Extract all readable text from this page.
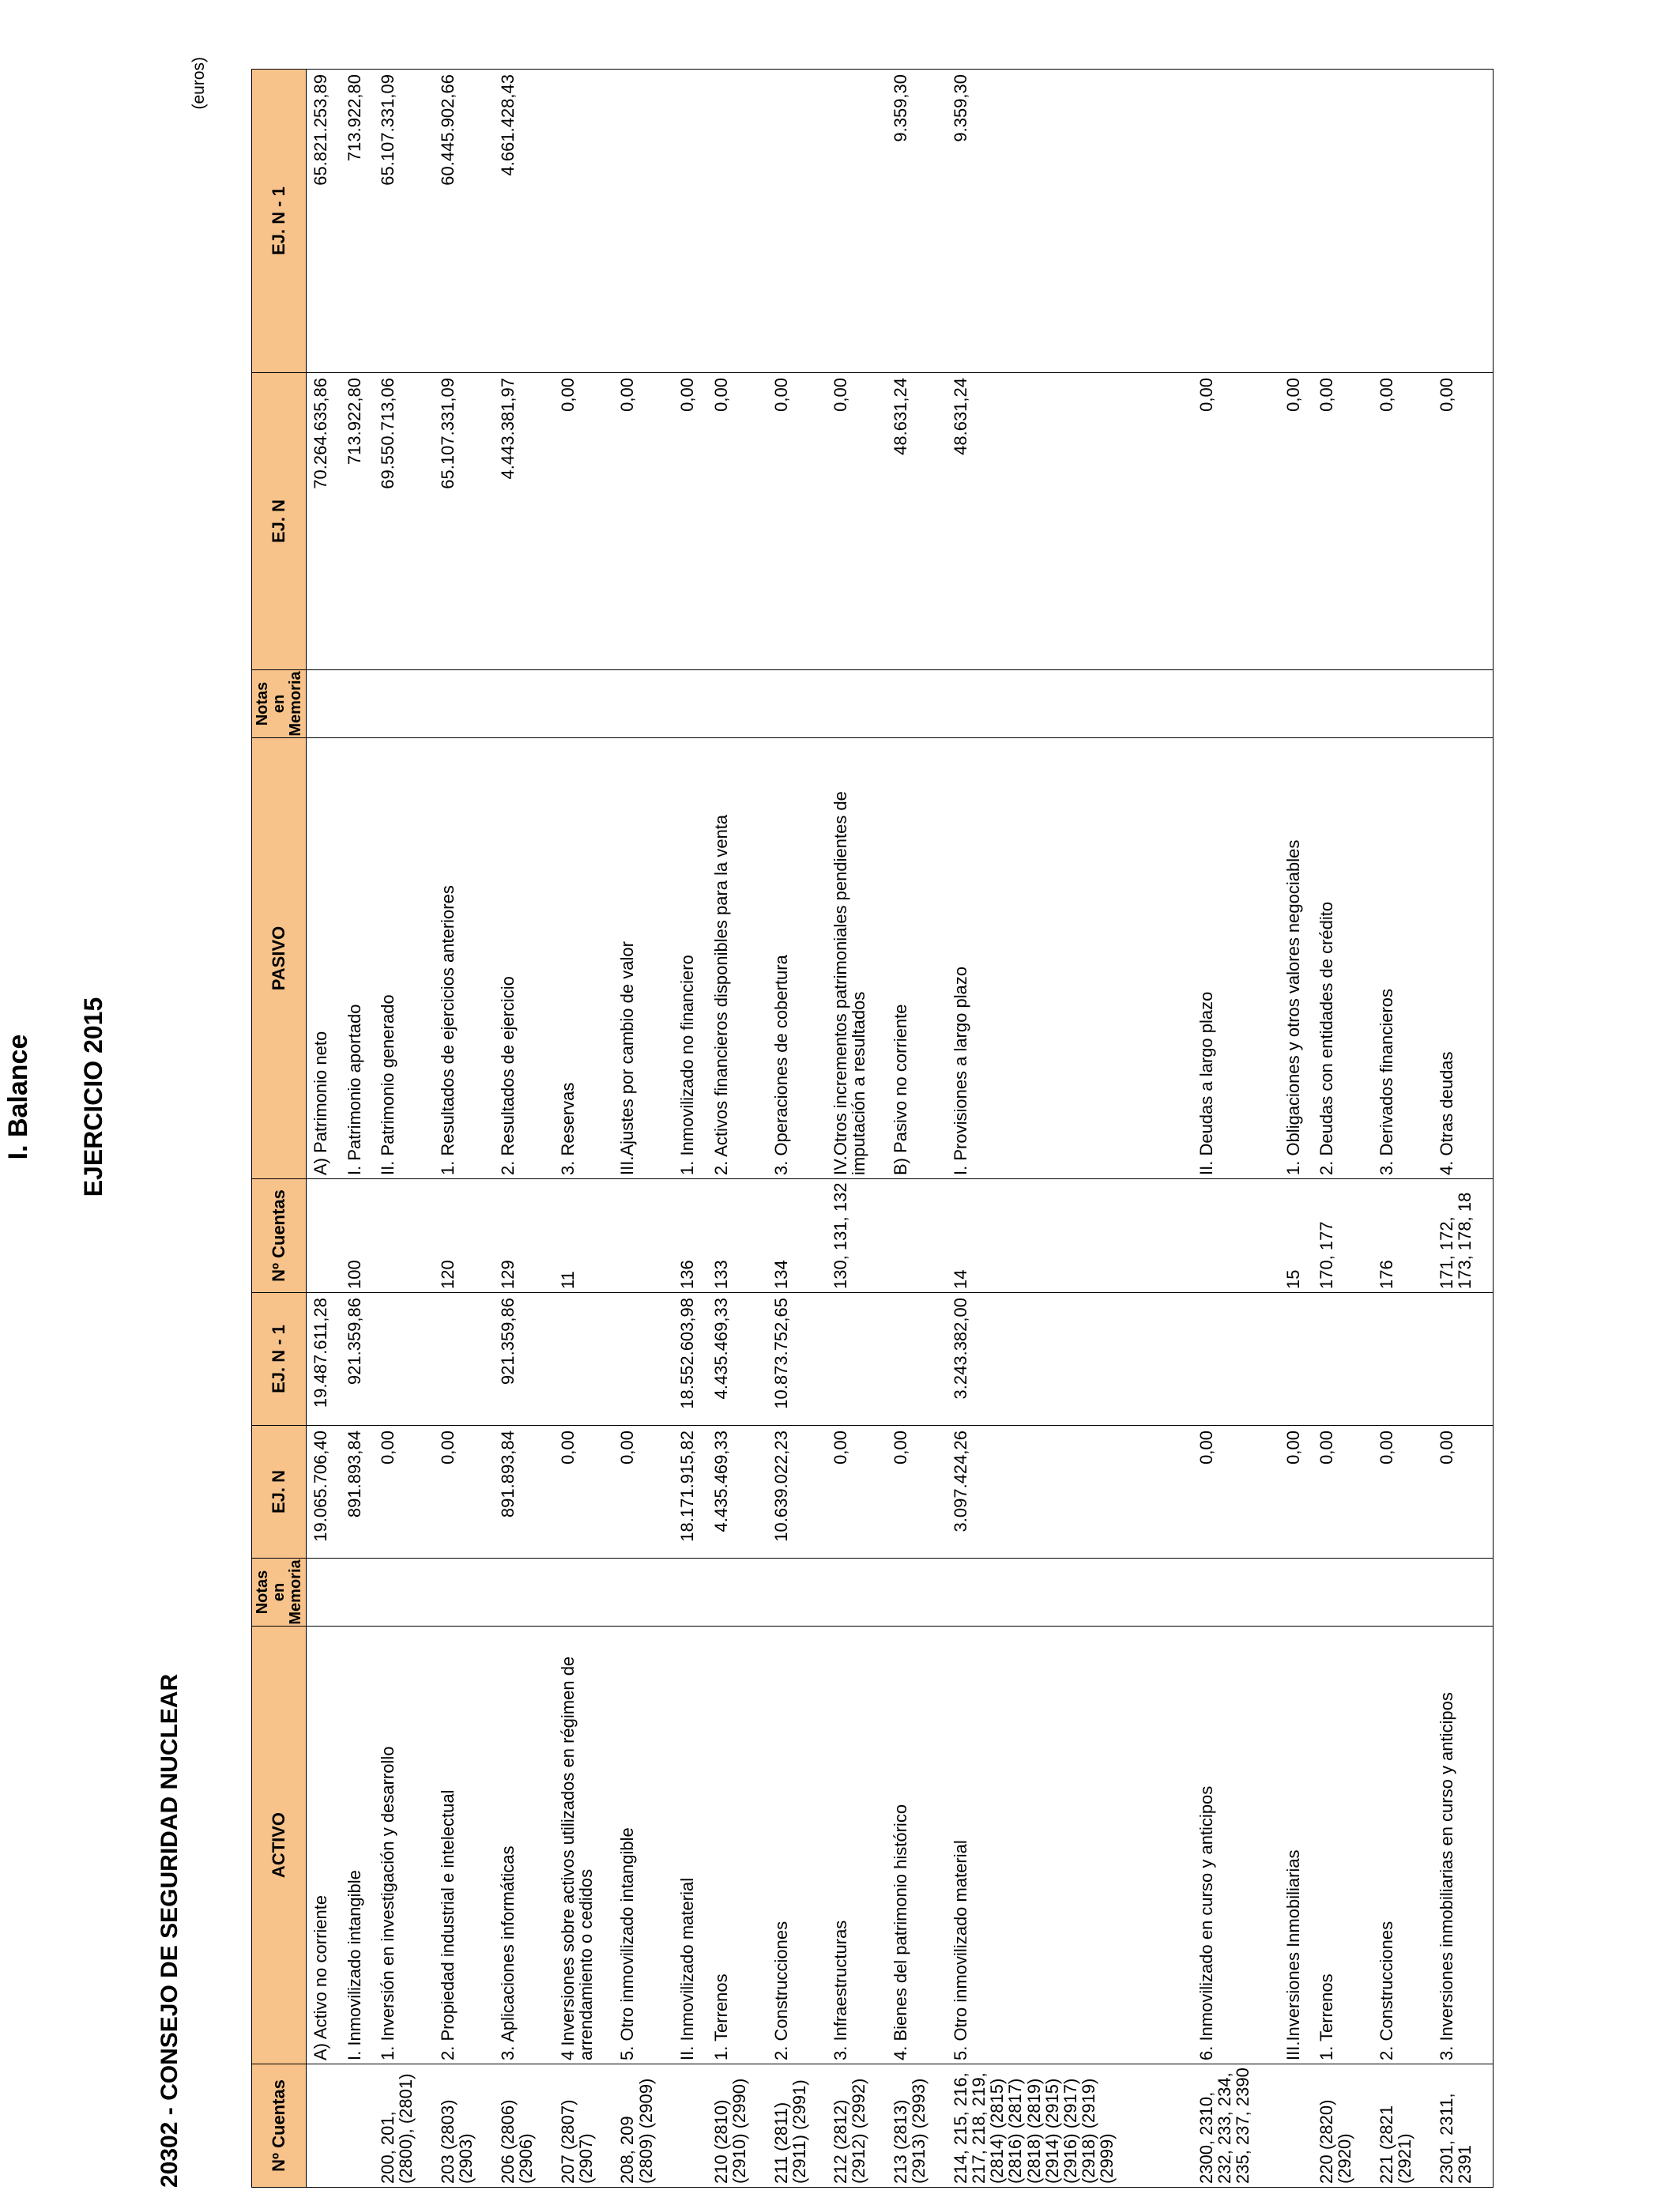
I. Balance EJERCICIO 2015
20302 - CONSEJO DE SEGURIDAD NUCLEAR
(euros)
Nº Cuentas	ACTIVO	Notas en Memoria	EJ. N	EJ. N - 1	Nº Cuentas	PASIVO	Notas en Memoria	EJ. N	EJ. N - 1
	A) Activo no corriente		19.065.706,40	19.487.611,28		A) Patrimonio neto		70.264.635,86	65.821.253,89
	I. Inmovilizado intangible		891.893,84	921.359,86	100	I. Patrimonio aportado		713.922,80	713.922,80
200, 201, (2800), (2801)	1. Inversión en investigación y desarrollo		0,00			II. Patrimonio generado		69.550.713,06	65.107.331,09
203 (2803) (2903)	2. Propiedad industrial e intelectual		0,00		120	1. Resultados de ejercicios anteriores		65.107.331,09	60.445.902,66
206 (2806) (2906)	3. Aplicaciones informáticas		891.893,84	921.359,86	129	2. Resultados de ejercicio		4.443.381,97	4.661.428,43
207 (2807) (2907)	4 Inversiones sobre activos utilizados en régimen de arrendamiento o cedidos		0,00		11	3. Reservas		0,00	
208, 209 (2809) (2909)	5. Otro inmovilizado intangible		0,00			III.Ajustes por cambio de valor		0,00	
	II. Inmovilizado material		18.171.915,82	18.552.603,98	136	1. Inmovilizado no financiero		0,00	
210 (2810) (2910) (2990)	1. Terrenos		4.435.469,33	4.435.469,33	133	2. Activos financieros disponibles para la venta		0,00	
211 (2811) (2911) (2991)	2. Construcciones		10.639.022,23	10.873.752,65	134	3. Operaciones de cobertura		0,00	
212 (2812) (2912) (2992)	3. Infraestructuras		0,00		130, 131, 132	IV.Otros incrementos patrimoniales pendientes de imputación a resultados		0,00	
213 (2813) (2913) (2993)	4. Bienes del patrimonio histórico		0,00			B) Pasivo no corriente		48.631,24	9.359,30
214, 215, 216, 217, 218, 219, (2814) (2815) (2816) (2817) (2818) (2819) (2914) (2915) (2916) (2917) (2918) (2919) (2999)	5. Otro inmovilizado material		3.097.424,26	3.243.382,00	14	I. Provisiones a largo plazo		48.631,24	9.359,30
2300, 2310, 232, 233, 234, 235, 237, 2390	6. Inmovilizado en curso y anticipos		0,00			II. Deudas a largo plazo		0,00	
	III.Inversiones Inmobiliarias		0,00		15	1. Obligaciones y otros valores negociables		0,00	
220 (2820) (2920)	1. Terrenos		0,00		170, 177	2. Deudas con entidades de crédito		0,00	
221 (2821 (2921)	2. Construcciones		0,00		176	3. Derivados financieros		0,00	
2301, 2311, 2391	3. Inversiones inmobiliarias en curso y anticipos		0,00		171, 172, 173, 178, 18	4. Otras deudas		0,00	
